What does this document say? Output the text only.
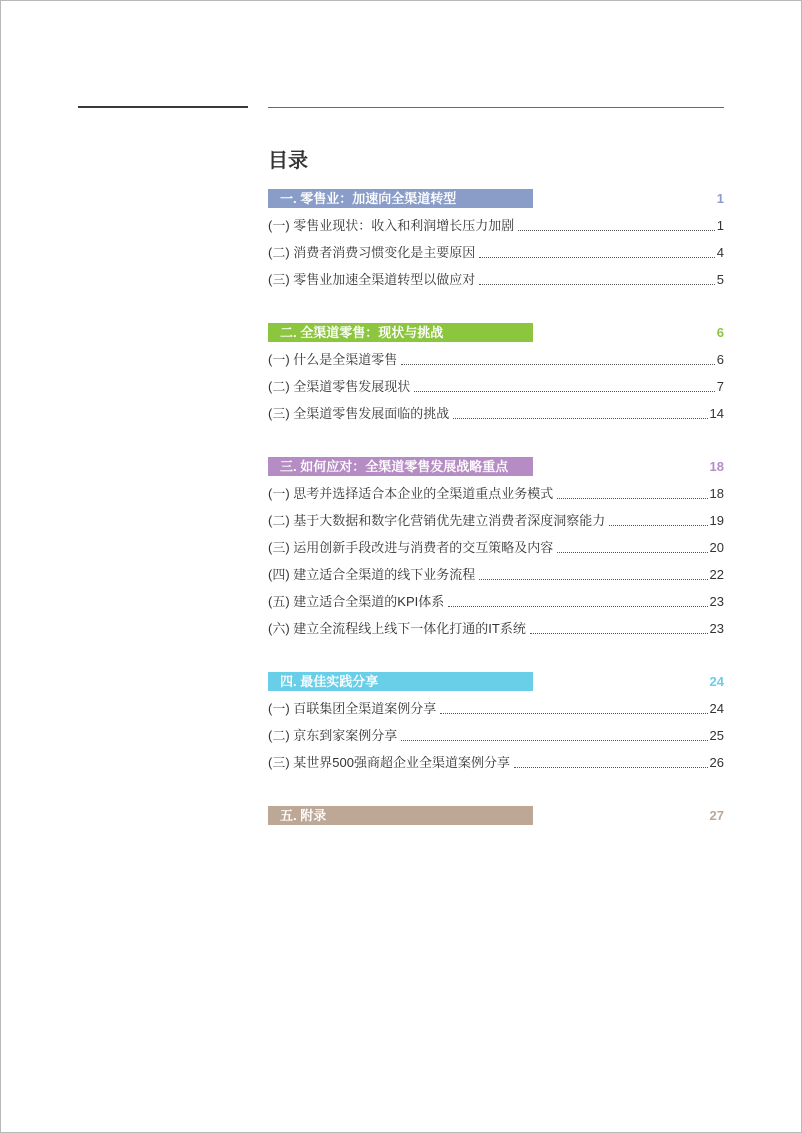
目录
一. 零售业：加速向全渠道转型	1
(一) 零售业现状：收入和利润增长压力加剧	1
(二) 消费者消费习惯变化是主要原因	4
(三) 零售业加速全渠道转型以做应对	5
二. 全渠道零售：现状与挑战	6
(一) 什么是全渠道零售	6
(二) 全渠道零售发展现状	7
(三) 全渠道零售发展面临的挑战	14
三. 如何应对：全渠道零售发展战略重点	18
(一) 思考并选择适合本企业的全渠道重点业务模式	18
(二) 基于大数据和数字化营销优先建立消费者深度洞察能力	19
(三) 运用创新手段改进与消费者的交互策略及内容	20
(四) 建立适合全渠道的线下业务流程	22
(五) 建立适合全渠道的KPI体系	23
(六) 建立全流程线上线下一体化打通的IT系统	23
四. 最佳实践分享	24
(一) 百联集团全渠道案例分享	24
(二) 京东到家案例分享	25
(三) 某世界500强商超企业全渠道案例分享	26
五. 附录	27
